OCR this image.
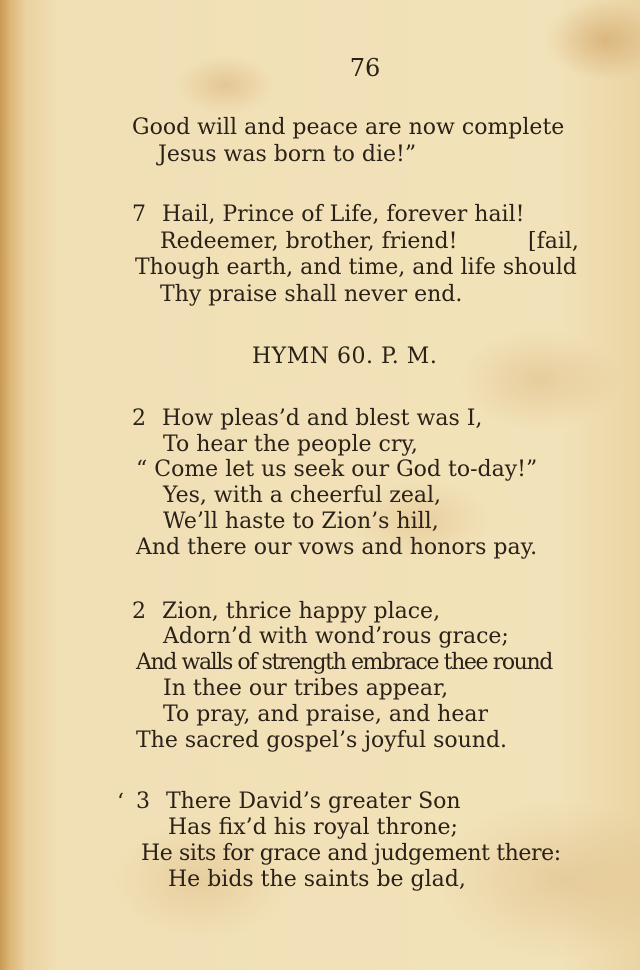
76
Good will and peace are now complete
Jesus was born to die!”
7 Hail, Prince of Life, forever hail!
Redeemer, brother, friend!	[fail,
Though earth, and time, and life should
Thy praise shall never end.
HYMN 60. P. M.
2 How pleas’d and blest was I,
To hear the people cry,
“ Come let us seek our God to-day!”
Yes, with a cheerful zeal,
We’ll haste to Zion’s hill,
And there our vows and honors pay.
2 Zion, thrice happy place,
Adorn’d with wond’rous grace;
And walls of strength embrace thee round
In thee our tribes appear,
To pray, and praise, and hear
The sacred gospel’s joyful sound.
‘ 3 There David’s greater Son
Has fix’d his royal throne;
He sits for grace and judgement there:
He bids the saints be glad,
